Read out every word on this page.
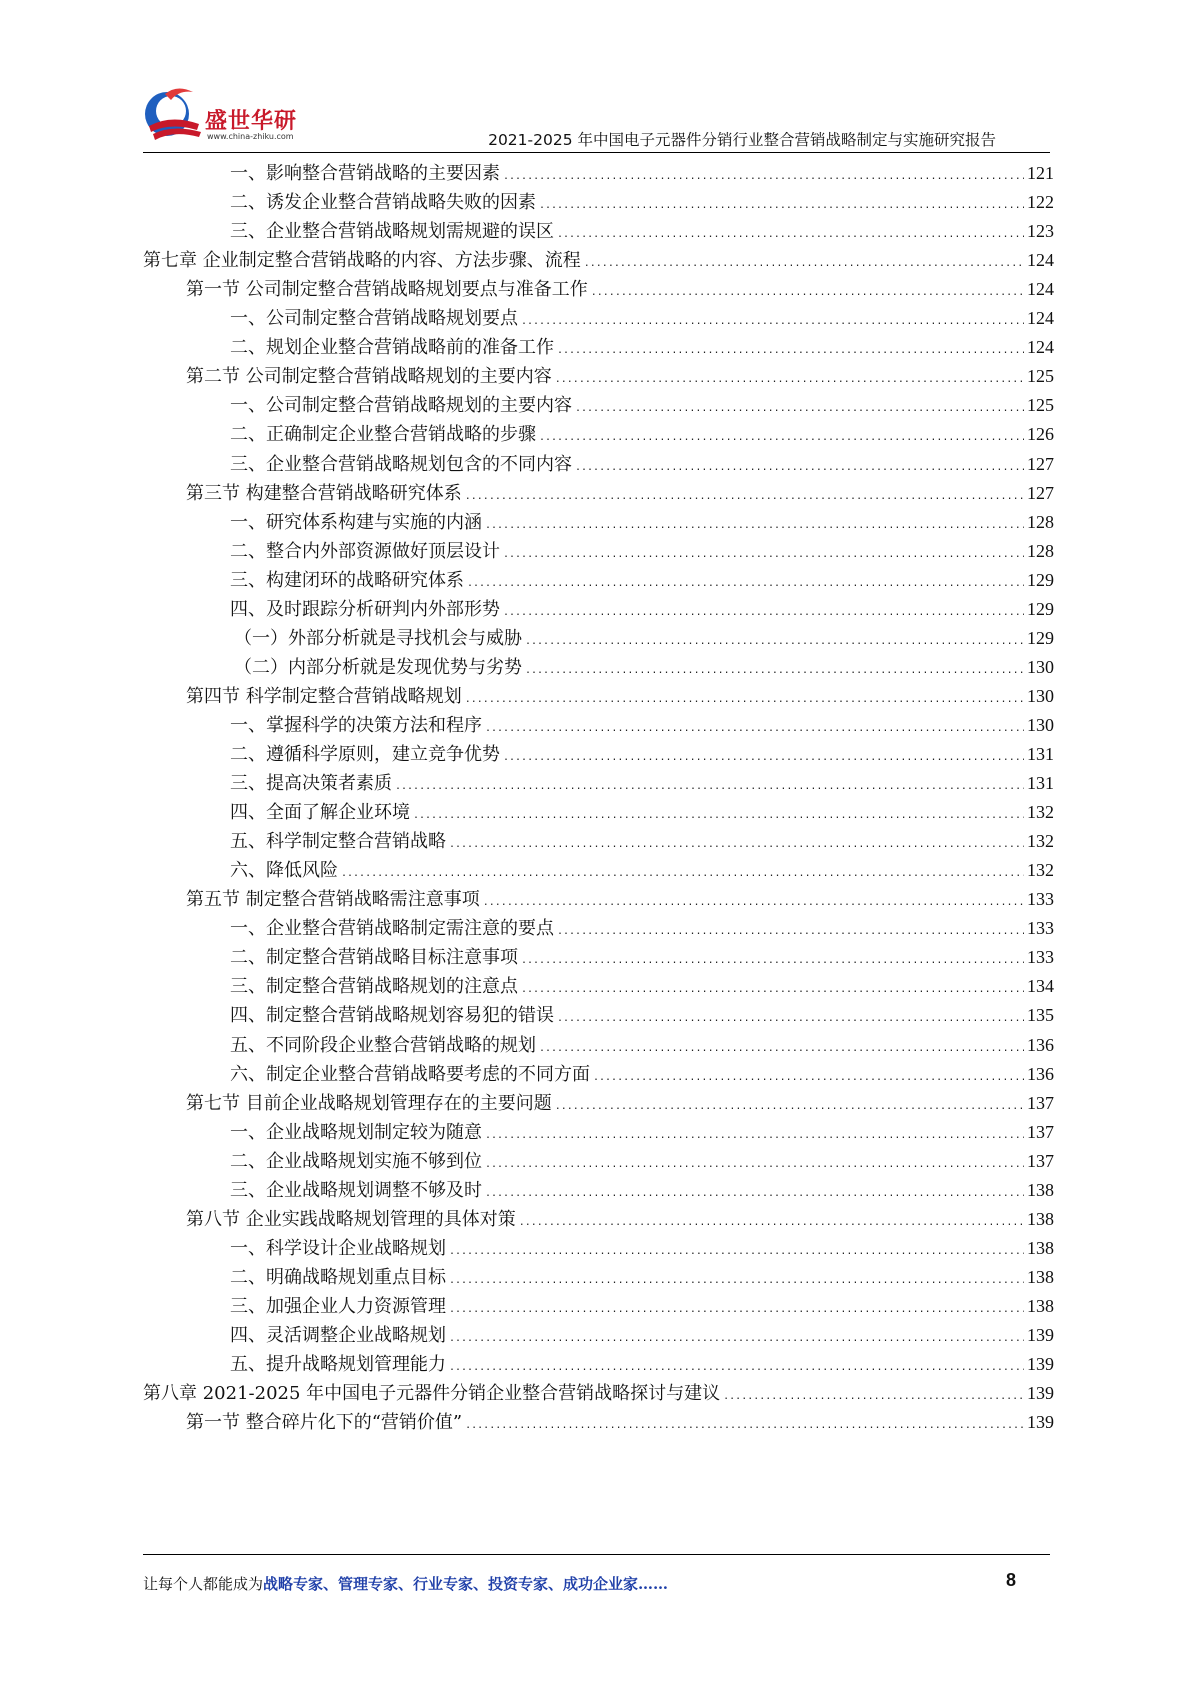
盛世华研
www.china-zhiku.com	2021-2025 年中国电子元器件分销行业整合营销战略制定与实施研究报告
一、影响整合营销战略的主要因素 .....	121
二、诱发企业整合营销战略失败的因素 .....	122
三、企业整合营销战略规划需规避的误区 .....	123
第七章 企业制定整合营销战略的内容、方法步骤、流程 .....	124
第一节 公司制定整合营销战略规划要点与准备工作 .....	124
一、公司制定整合营销战略规划要点 .....	124
二、规划企业整合营销战略前的准备工作 .....	124
第二节 公司制定整合营销战略规划的主要内容 .....	125
一、公司制定整合营销战略规划的主要内容 .....	125
二、正确制定企业整合营销战略的步骤 .....	126
三、企业整合营销战略规划包含的不同内容 .....	127
第三节 构建整合营销战略研究体系 .....	127
一、研究体系构建与实施的内涵 .....	128
二、整合内外部资源做好顶层设计 .....	128
三、构建闭环的战略研究体系 .....	129
四、及时跟踪分析研判内外部形势 .....	129
（一）外部分析就是寻找机会与威胁 .....	129
（二）内部分析就是发现优势与劣势 .....	130
第四节 科学制定整合营销战略规划 .....	130
一、掌握科学的决策方法和程序 .....	130
二、遵循科学原则，建立竞争优势 .....	131
三、提高决策者素质 .....	131
四、全面了解企业环境 .....	132
五、科学制定整合营销战略 .....	132
六、降低风险 .....	132
第五节 制定整合营销战略需注意事项 .....	133
一、企业整合营销战略制定需注意的要点 .....	133
二、制定整合营销战略目标注意事项 .....	133
三、制定整合营销战略规划的注意点 .....	134
四、制定整合营销战略规划容易犯的错误 .....	135
五、不同阶段企业整合营销战略的规划 .....	136
六、制定企业整合营销战略要考虑的不同方面 .....	136
第七节 目前企业战略规划管理存在的主要问题 .....	137
一、企业战略规划制定较为随意 .....	137
二、企业战略规划实施不够到位 .....	137
三、企业战略规划调整不够及时 .....	138
第八节 企业实践战略规划管理的具体对策 .....	138
一、科学设计企业战略规划 .....	138
二、明确战略规划重点目标 .....	138
三、加强企业人力资源管理 .....	138
四、灵活调整企业战略规划 .....	139
五、提升战略规划管理能力 .....	139
第八章 2021-2025 年中国电子元器件分销企业整合营销战略探讨与建议 .....	139
第一节 整合碎片化下的“营销价值” .....	139
让每个人都能成为战略专家、管理专家、行业专家、投资专家、成功企业家……	8
